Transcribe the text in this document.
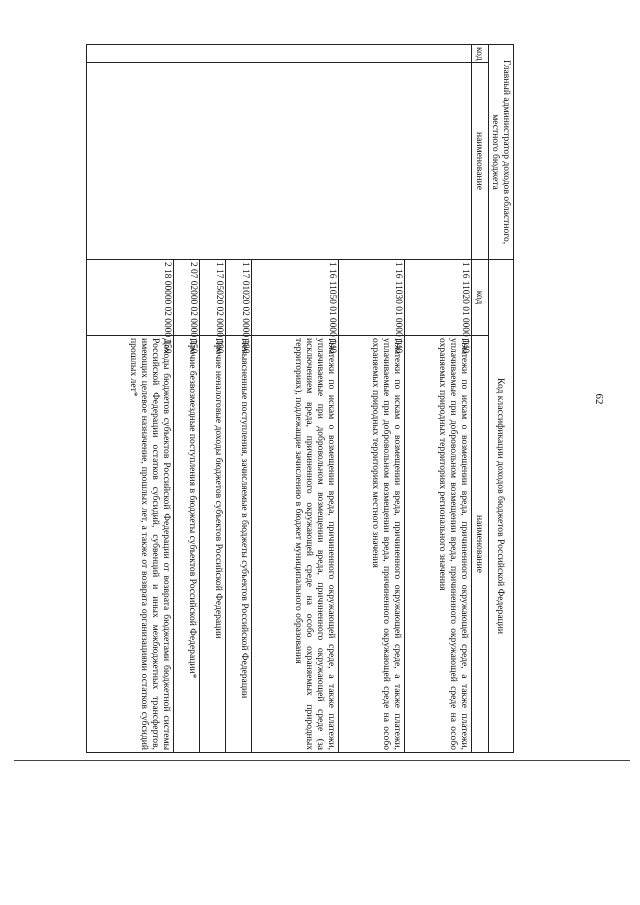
62
Главный администратор доходов областного, местного бюджета		Код классификации доходов бюджетов Российской Федерации	
код	наименование	код	наименование
		1 16 11020 01 0000 140	Платежи по искам о возмещении вреда, причиненного окружающей среде, а также платежи, уплачиваемые при добровольном возмещении вреда, причиненного окружающей среде на особо охраняемых природных территориях регионального значения
		1 16 11030 01 0000 140	Платежи по искам о возмещении вреда, причиненного окружающей среде, а также платежи, уплачиваемые при добровольном возмещении вреда, причиненного окружающей среде на особо охраняемых природных территориях местного значения
		1 16 11050 01 0000 140	Платежи по искам о возмещении вреда, причиненного окружающей среде, а также платежи, уплачиваемые при добровольном возмещении вреда, причиненного окружающей среде (за исключением вреда, причиненного окружающей среде на особо охраняемых природных территориях), подлежащие зачислению в бюджет муниципального образования
		1 17 01020 02 0000 180	Невыясненные поступления, зачисляемые в бюджеты субъектов Российской Федерации
		1 17 05020 02 0000 180	Прочие неналоговые доходы бюджетов субъектов Российской Федерации
		2 07 02000 02 0000 150	Прочие безвозмездные поступления в бюджеты субъектов Российской Федерации*
		2 18 00000 02 0000 150	Доходы бюджетов субъектов Российской Федерации от возврата бюджетами бюджетной системы Российской Федерации остатков субсидий, субвенций и иных межбюджетных трансфертов, имеющих целевое назначение, прошлых лет, а также от возврата организациями остатков субсидий прошлых лет*
